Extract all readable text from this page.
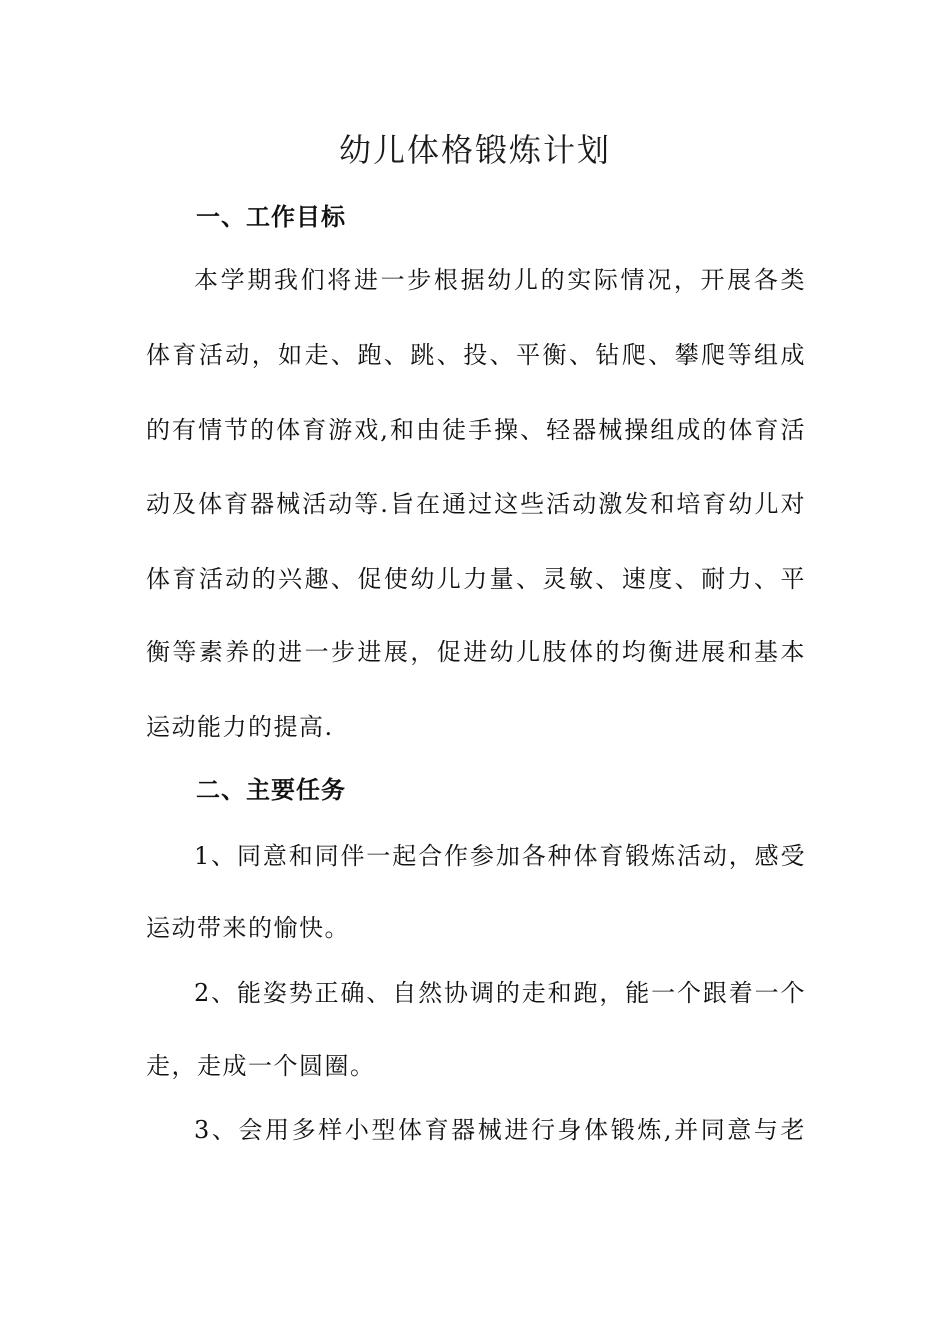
幼儿体格锻炼计划
一、工作目标
本学期我们将进一步根据幼儿的实际情况，开展各类
体育活动，如走、跑、跳、投、平衡、钻爬、攀爬等组成
的有情节的体育游戏,和由徒手操、轻器械操组成的体育活
动及体育器械活动等.旨在通过这些活动激发和培育幼儿对
体育活动的兴趣、促使幼儿力量、灵敏、速度、耐力、平
衡等素养的进一步进展，促进幼儿肢体的均衡进展和基本
运动能力的提高.
二、主要任务
1、同意和同伴一起合作参加各种体育锻炼活动，感受
运动带来的愉快。
2、能姿势正确、自然协调的走和跑，能一个跟着一个
走，走成一个圆圈。
3、会用多样小型体育器械进行身体锻炼,并同意与老
